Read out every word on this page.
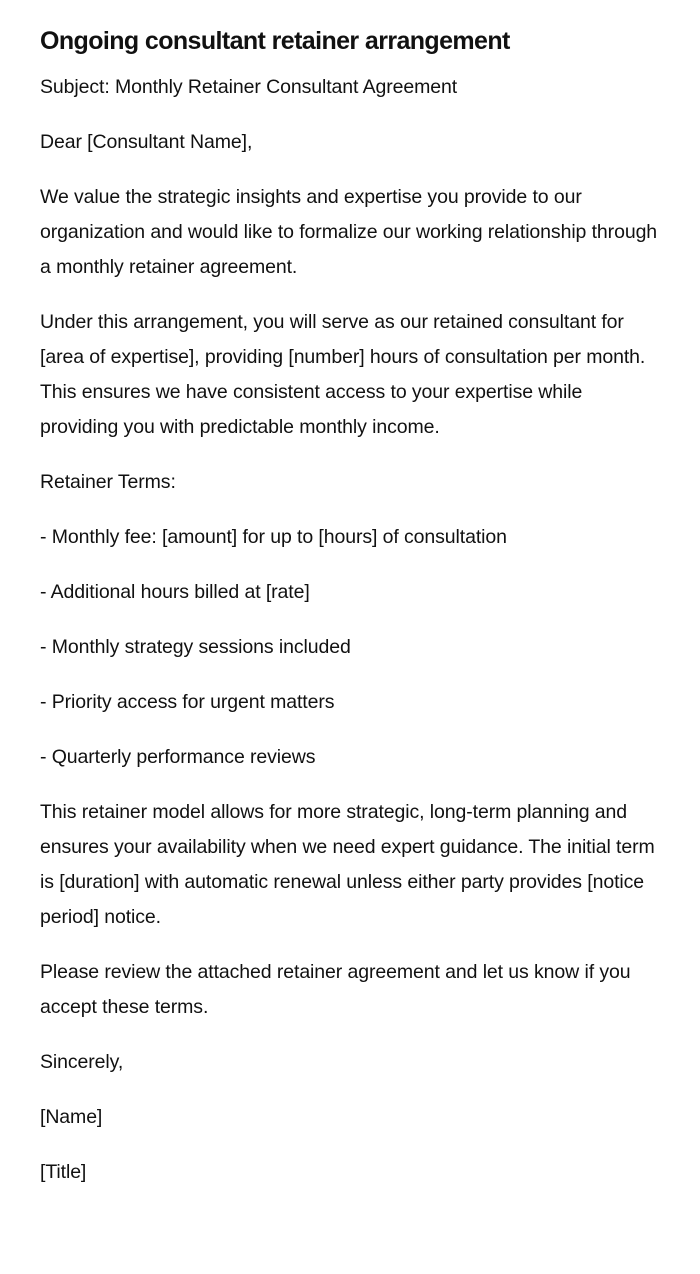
Ongoing consultant retainer arrangement

Subject: Monthly Retainer Consultant Agreement

Dear [Consultant Name],

We value the strategic insights and expertise you provide to our organization and would like to formalize our working relationship through a monthly retainer agreement.

Under this arrangement, you will serve as our retained consultant for [area of expertise], providing [number] hours of consultation per month. This ensures we have consistent access to your expertise while providing you with predictable monthly income.

Retainer Terms:

- Monthly fee: [amount] for up to [hours] of consultation

- Additional hours billed at [rate]

- Monthly strategy sessions included

- Priority access for urgent matters

- Quarterly performance reviews

This retainer model allows for more strategic, long-term planning and ensures your availability when we need expert guidance. The initial term is [duration] with automatic renewal unless either party provides [notice period] notice.

Please review the attached retainer agreement and let us know if you accept these terms.

Sincerely,

[Name]

[Title]
